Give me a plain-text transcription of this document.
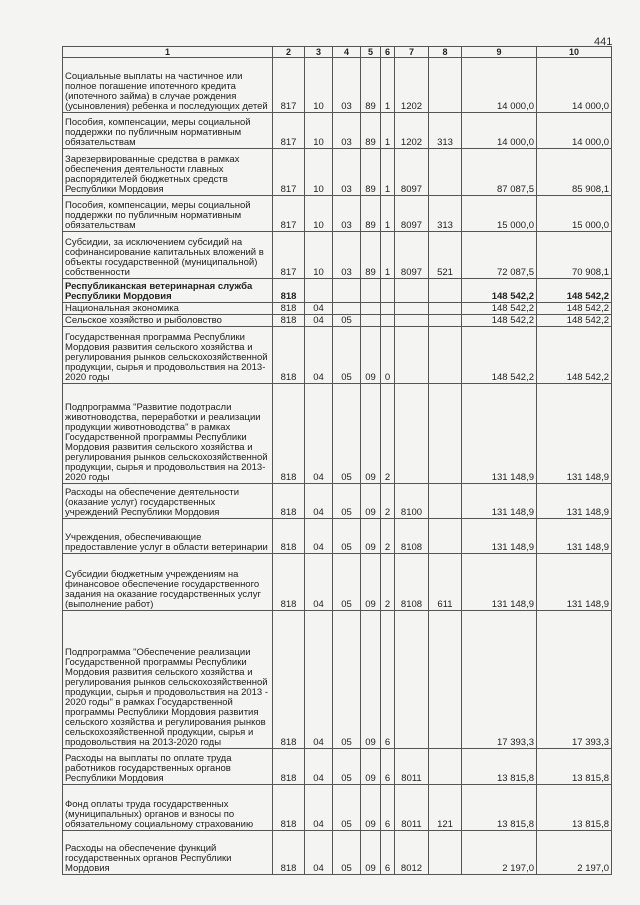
441
1	2	3	4	5	6	7	8	9	10
Социальные выплаты на частичное или полное погашение ипотечного кредита (ипотечного займа) в случае рождения (усыновления) ребенка и последующих детей	817	10	03	89	1	1202		14 000,0	14 000,0
Пособия, компенсации, меры социальной поддержки по публичным нормативным обязательствам	817	10	03	89	1	1202	313	14 000,0	14 000,0
Зарезервированные средства в рамках обеспечения деятельности главных распорядителей бюджетных средств Республики Мордовия	817	10	03	89	1	8097		87 087,5	85 908,1
Пособия, компенсации, меры социальной поддержки по публичным нормативным обязательствам	817	10	03	89	1	8097	313	15 000,0	15 000,0
Субсидии, за исключением субсидий на софинансирование капитальных вложений в объекты государственной (муниципальной) собственности	817	10	03	89	1	8097	521	72 087,5	70 908,1
Республиканская ветеринарная служба Республики Мордовия	818							148 542,2	148 542,2
Национальная экономика	818	04						148 542,2	148 542,2
Сельское хозяйство и рыболовство	818	04	05					148 542,2	148 542,2
Государственная программа Республики Мордовия развития сельского хозяйства и регулирования рынков сельскохозяйственной продукции, сырья и продовольствия на 2013-2020 годы	818	04	05	09	0			148 542,2	148 542,2
Подпрограмма "Развитие подотрасли животноводства, переработки и реализации продукции животноводства" в рамках Государственной программы Республики Мордовия развития сельского хозяйства и регулирования рынков сельскохозяйственной продукции, сырья и продовольствия на 2013-2020 годы	818	04	05	09	2			131 148,9	131 148,9
Расходы на обеспечение деятельности (оказание услуг) государственных учреждений Республики Мордовия	818	04	05	09	2	8100		131 148,9	131 148,9
Учреждения, обеспечивающие предоставление услуг в области ветеринарии	818	04	05	09	2	8108		131 148,9	131 148,9
Субсидии бюджетным учреждениям на финансовое обеспечение государственного задания на оказание государственных услуг (выполнение работ)	818	04	05	09	2	8108	611	131 148,9	131 148,9
Подпрограмма "Обеспечение реализации Государственной программы Республики Мордовия развития сельского хозяйства и регулирования рынков сельскохозяйственной продукции, сырья и продовольствия на 2013 - 2020 годы" в рамках Государственной программы Республики Мордовия развития сельского хозяйства и регулирования рынков сельскохозяйственной продукции, сырья и продовольствия на 2013-2020 годы	818	04	05	09	6			17 393,3	17 393,3
Расходы на выплаты по оплате труда работников государственных органов Республики Мордовия	818	04	05	09	6	8011		13 815,8	13 815,8
Фонд оплаты труда государственных (муниципальных) органов и взносы по обязательному социальному страхованию	818	04	05	09	6	8011	121	13 815,8	13 815,8
Расходы на обеспечение функций государственных органов Республики Мордовия	818	04	05	09	6	8012		2 197,0	2 197,0
